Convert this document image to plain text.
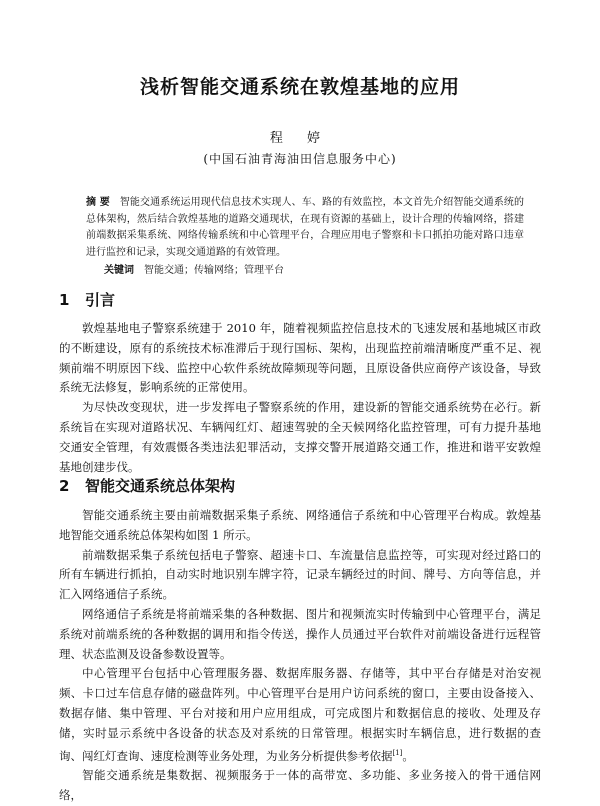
浅析智能交通系统在敦煌基地的应用
程 婷
(中国石油青海油田信息服务中心)
摘 要 智能交通系统运用现代信息技术实现人、车、路的有效监控，本文首先介绍智能交通系统的总体架构，然后结合敦煌基地的道路交通现状，在现有资源的基础上，设计合理的传输网络，搭建前端数据采集系统、网络传输系统和中心管理平台，合理应用电子警察和卡口抓拍功能对路口违章进行监控和记录，实现交通道路的有效管理。
关键词 智能交通；传输网络；管理平台
1 引言

敦煌基地电子警察系统建于 2010 年，随着视频监控信息技术的飞速发展和基地城区市政的不断建设，原有的系统技术标准滞后于现行国标、架构，出现监控前端清晰度严重不足、视频前端不明原因下线、监控中心软件系统故障频现等问题，且原设备供应商停产该设备，导致系统无法修复，影响系统的正常使用。

为尽快改变现状，进一步发挥电子警察系统的作用，建设新的智能交通系统势在必行。新系统旨在实现对道路状况、车辆闯红灯、超速驾驶的全天候网络化监控管理，可有力提升基地交通安全管理，有效震慑各类违法犯罪活动，支撑交警开展道路交通工作，推进和谐平安敦煌基地创建步伐。

2 智能交通系统总体架构

智能交通系统主要由前端数据采集子系统、网络通信子系统和中心管理平台构成。敦煌基地智能交通系统总体架构如图 1 所示。

前端数据采集子系统包括电子警察、超速卡口、车流量信息监控等，可实现对经过路口的所有车辆进行抓拍，自动实时地识别车牌字符，记录车辆经过的时间、牌号、方向等信息，并汇入网络通信子系统。

网络通信子系统是将前端采集的各种数据、图片和视频流实时传输到中心管理平台，满足系统对前端系统的各种数据的调用和指令传送，操作人员通过平台软件对前端设备进行远程管理、状态监测及设备参数设置等。

中心管理平台包括中心管理服务器、数据库服务器、存储等，其中平台存储是对治安视频、卡口过车信息存储的磁盘阵列。中心管理平台是用户访问系统的窗口，主要由设备接入、数据存储、集中管理、平台对接和用户应用组成，可完成图片和数据信息的接收、处理及存储，实时显示系统中各设备的状态及对系统的日常管理。根据实时车辆信息，进行数据的查询、闯红灯查询、速度检测等业务处理，为业务分析提供参考依据[1]。

智能交通系统是集数据、视频服务于一体的高带宽、多功能、多业务接入的骨干通信网络，
